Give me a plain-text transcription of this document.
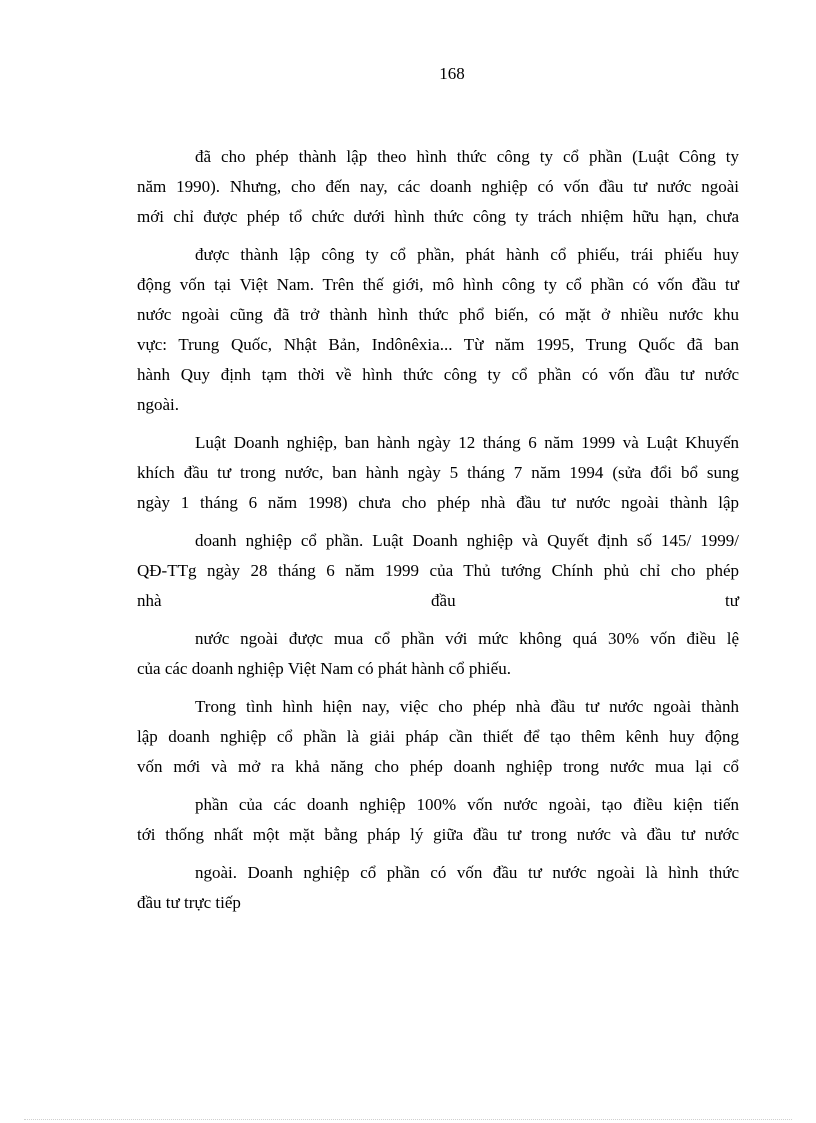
168
đã cho phép thành lập theo hình thức công ty cổ phần (Luật Công ty
năm 1990). Nhưng, cho đến nay, các doanh nghiệp có vốn đầu tư nước ngoài
mới chỉ được phép tổ chức dưới hình thức công ty trách nhiệm hữu hạn, chưa
được thành lập công ty cổ phần, phát hành cổ phiếu, trái phiếu huy
động vốn tại Việt Nam. Trên thế giới, mô hình công ty cổ phần có vốn đầu tư
nước ngoài cũng đã trở thành hình thức phổ biến, có mặt ở nhiều nước khu
vực: Trung Quốc, Nhật Bản, Indônêxia... Từ năm 1995, Trung Quốc đã ban
hành Quy định tạm thời về hình thức công ty cổ phần có vốn đầu tư nước
ngoài.
Luật Doanh nghiệp, ban hành ngày 12 tháng 6 năm 1999 và Luật Khuyến
khích đầu tư trong nước, ban hành ngày 5 tháng 7 năm 1994 (sửa đổi bổ sung
ngày 1 tháng 6 năm 1998) chưa cho phép nhà đầu tư nước ngoài thành lập
doanh nghiệp cổ phần. Luật Doanh nghiệp và Quyết định số 145/ 1999/
QĐ-TTg ngày 28 tháng 6 năm 1999 của Thủ tướng Chính phủ chỉ cho phép
nhà đầu tư
nước ngoài được mua cổ phần với mức không quá 30% vốn điều lệ
của các doanh nghiệp Việt Nam có phát hành cổ phiếu.
Trong tình hình hiện nay, việc cho phép nhà đầu tư nước ngoài thành
lập doanh nghiệp cổ phần là giải pháp cần thiết để tạo thêm kênh huy động
vốn mới và mở ra khả năng cho phép doanh nghiệp trong nước mua lại cổ
phần của các doanh nghiệp 100% vốn nước ngoài, tạo điều kiện tiến
tới thống nhất một mặt bằng pháp lý giữa đầu tư trong nước và đầu tư nước
ngoài. Doanh nghiệp cổ phần có vốn đầu tư nước ngoài là hình thức
đầu tư trực tiếp
